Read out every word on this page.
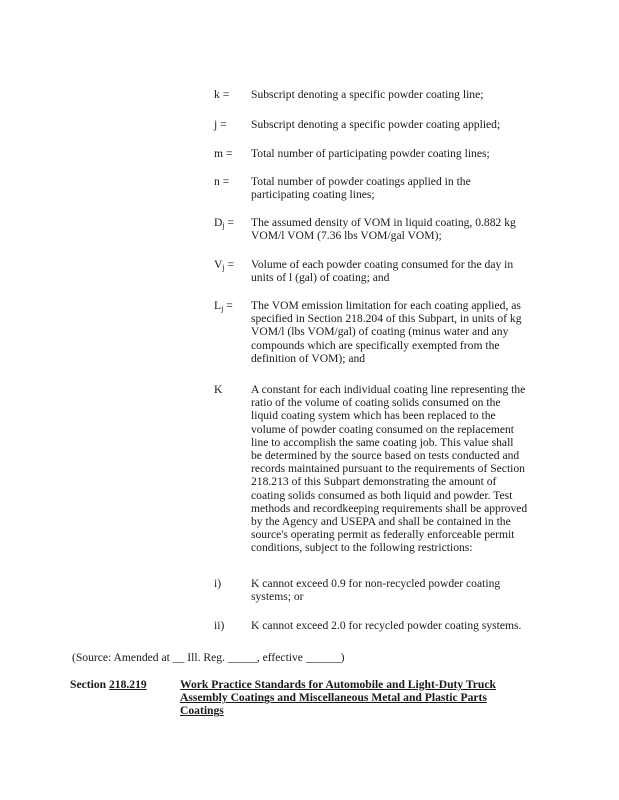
k =	Subscript denoting a specific powder coating line;
j =	Subscript denoting a specific powder coating applied;
m =	Total number of participating powder coating lines;
n =	Total number of powder coatings applied in the
participating coating lines;
$D_j$ =	The assumed density of VOM in liquid coating, 0.882 kg
VOM/l VOM (7.36 lbs VOM/gal VOM);
$V_j$ =	Volume of each powder coating consumed for the day in
units of l (gal) of coating; and
$L_j$ =	The VOM emission limitation for each coating applied, as
specified in Section 218.204 of this Subpart, in units of kg
VOM/l (lbs VOM/gal) of coating (minus water and any
compounds which are specifically exempted from the
definition of VOM); and
K	A constant for each individual coating line representing the
ratio of the volume of coating solids consumed on the
liquid coating system which has been replaced to the
volume of powder coating consumed on the replacement
line to accomplish the same coating job. This value shall
be determined by the source based on tests conducted and
records maintained pursuant to the requirements of Section
218.213 of this Subpart demonstrating the amount of
coating solids consumed as both liquid and powder. Test
methods and recordkeeping requirements shall be approved
by the Agency and USEPA and shall be contained in the
source's operating permit as federally enforceable permit
conditions, subject to the following restrictions:
i)	K cannot exceed 0.9 for non-recycled powder coating
systems; or
ii)	K cannot exceed 2.0 for recycled powder coating systems.
(Source: Amended at __ Ill. Reg. _____, effective ______)
Section 218.219	Work Practice Standards for Automobile and Light-Duty Truck
Assembly Coatings and Miscellaneous Metal and Plastic Parts
Coatings
